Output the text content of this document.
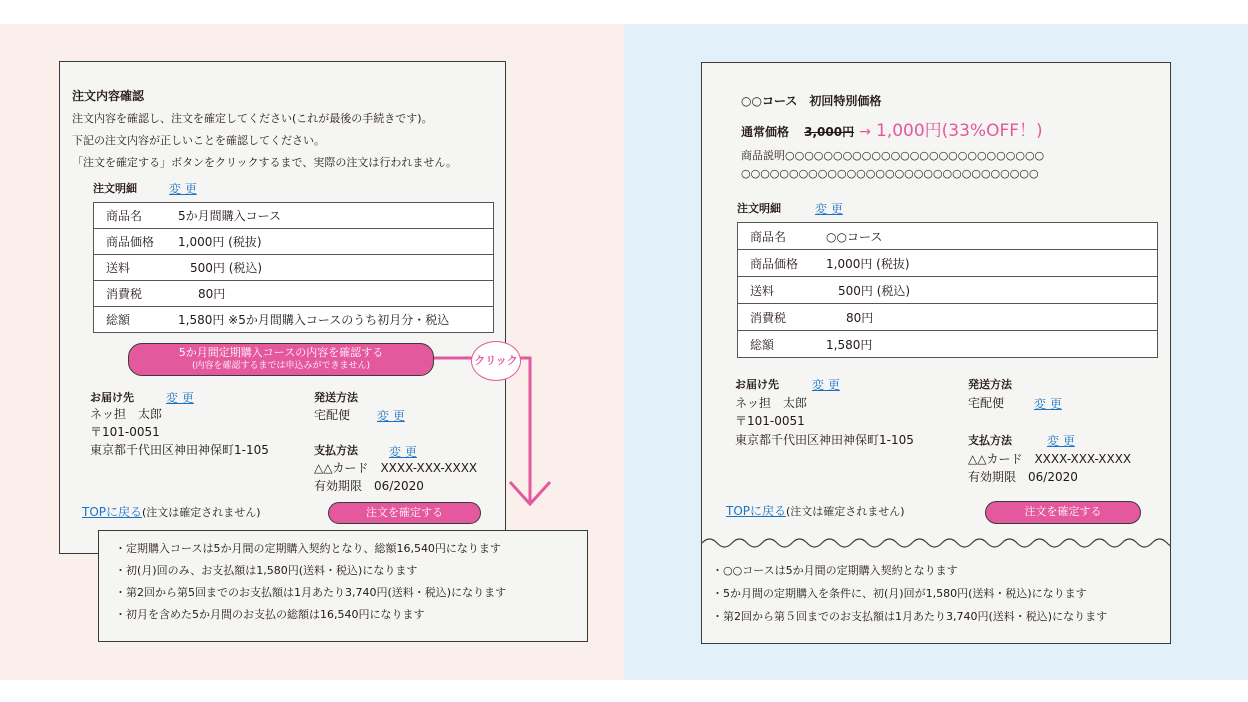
注文内容確認
注文内容を確認し、注文を確定してください(これが最後の手続きです)。
下記の注文内容が正しいことを確認してください。
「注文を確定する」ボタンをクリックするまで、実際の注文は行われません。
注文明細	変 更
商品名	5か月間購入コース
商品価格 1,000円 (税抜)
送料	500円 (税込)
消費税	80円
総額	1,580円 ※5か月間購入コースのうち初月分・税込
5か月間定期購入コースの内容を確認する
(内容を確認するまでは申込みができません)
お届け先	変 更
ネッ担　太郎
〒101-0051
東京都千代田区神田神保町1-105
発送方法
宅配便 変 更
支払方法	変 更
△△カード　XXXX-XXX-XXXX
有効期限　06/2020
TOPに戻る(注文は確定されません)	注文を確定する
クリック
・定期購入コースは5か月間の定期購入契約となり、総額16,540円になります
・初(月)回のみ、お支払額は1,580円(送料・税込)になります
・第2回から第5回までのお支払額は1月あたり3,740円(送料・税込)になります
・初月を含めた5か月間のお支払の総額は16,540円になります
○○コース　初回特別価格
通常価格 3,000円 → 1,000円(33%OFF！)
商品説明○○○○○○○○○○○○○○○○○○○○○○○○○○○
○○○○○○○○○○○○○○○○○○○○○○○○○○○○○○○
注文明細	変 更
商品名	○○コース
商品価格 1,000円 (税抜)
送料	500円 (税込)
消費税	80円
総額	1,580円
お届け先	変 更
ネッ担　太郎
〒101-0051
東京都千代田区神田神保町1-105
発送方法
宅配便 変 更
支払方法	変 更
△△カード　XXXX-XXX-XXXX
有効期限　06/2020
TOPに戻る(注文は確定されません)	注文を確定する
・○○コースは5か月間の定期購入契約となります
・5か月間の定期購入を条件に、初(月)回が1,580円(送料・税込)になります
・第2回から第５回までのお支払額は1月あたり3,740円(送料・税込)になります
